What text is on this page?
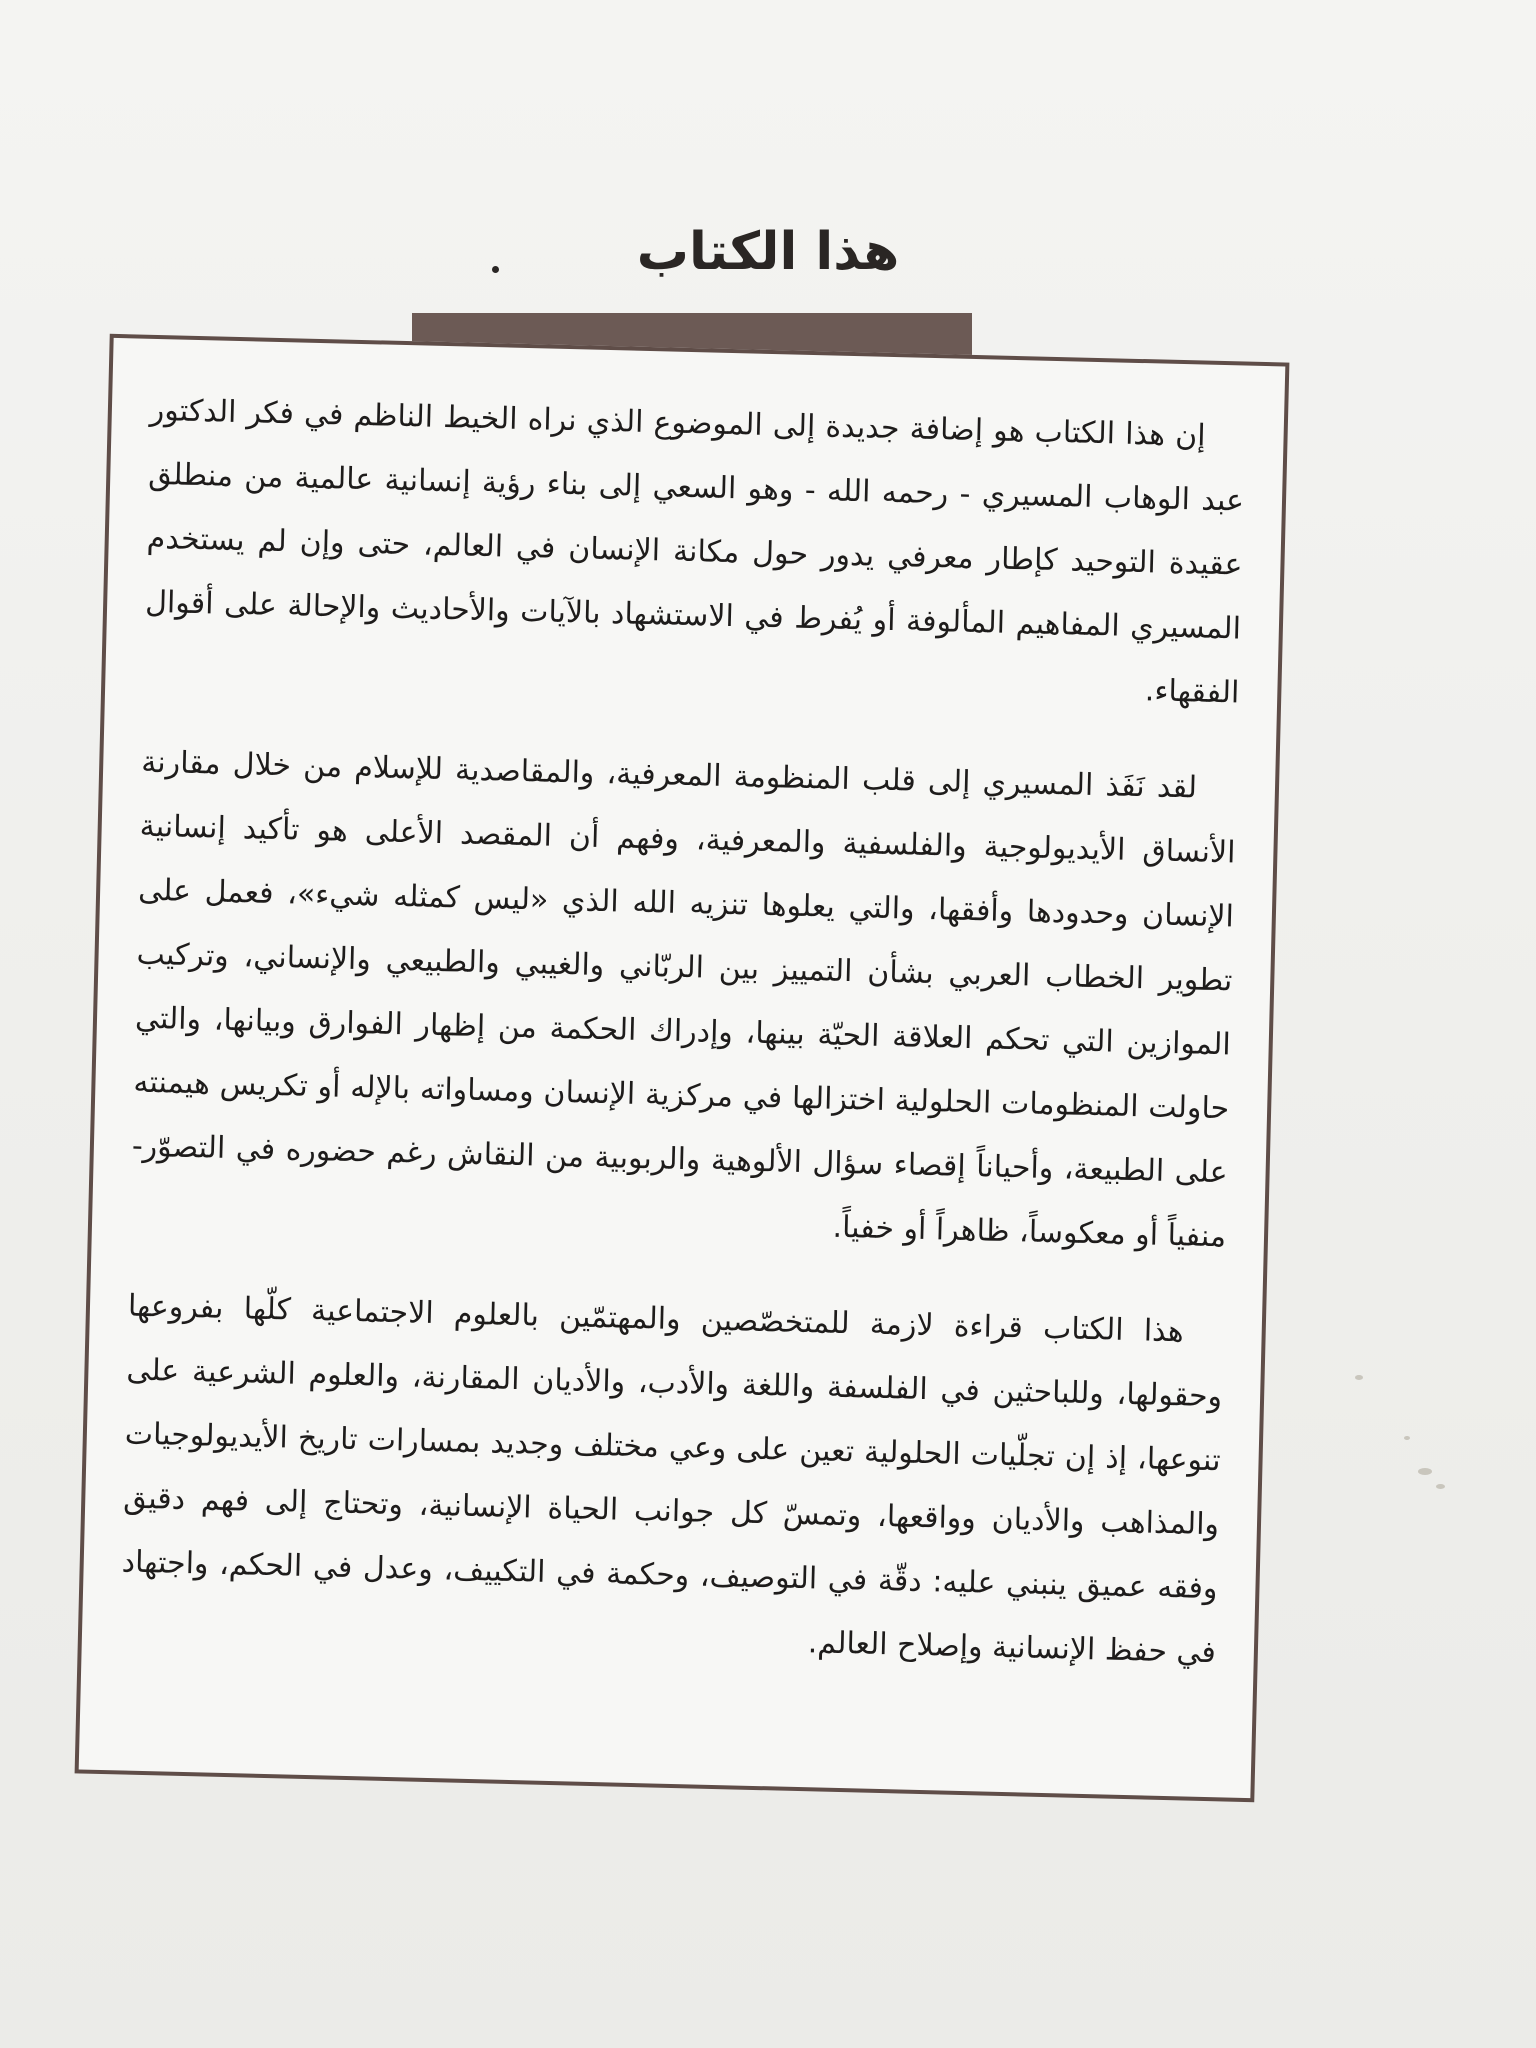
هذا الكتاب

إن هذا الكتاب هو إضافة جديدة إلى الموضوع الذي نراه الخيط الناظم في فكر الدكتور عبد الوهاب المسيري - رحمه الله - وهو السعي إلى بناء رؤية إنسانية عالمية من منطلق عقيدة التوحيد كإطار معرفي يدور حول مكانة الإنسان في العالم، حتى وإن لم يستخدم المسيري المفاهيم المألوفة أو يُفرط في الاستشهاد بالآيات والأحاديث والإحالة على أقوال الفقهاء.

لقد نَفَذ المسيري إلى قلب المنظومة المعرفية، والمقاصدية للإسلام من خلال مقارنة الأنساق الأيديولوجية والفلسفية والمعرفية، وفهم أن المقصد الأعلى هو تأكيد إنسانية الإنسان وحدودها وأفقها، والتي يعلوها تنزيه الله الذي «ليس كمثله شيء»، فعمل على تطوير الخطاب العربي بشأن التمييز بين الربّاني والغيبي والطبيعي والإنساني، وتركيب الموازين التي تحكم العلاقة الحيّة بينها، وإدراك الحكمة من إظهار الفوارق وبيانها، والتي حاولت المنظومات الحلولية اختزالها في مركزية الإنسان ومساواته بالإله أو تكريس هيمنته على الطبيعة، وأحياناً إقصاء سؤال الألوهية والربوبية من النقاش رغم حضوره في التصوّر- منفياً أو معكوساً، ظاهراً أو خفياً.

هذا الكتاب قراءة لازمة للمتخصّصين والمهتمّين بالعلوم الاجتماعية كلّها بفروعها وحقولها، وللباحثين في الفلسفة واللغة والأدب، والأديان المقارنة، والعلوم الشرعية على تنوعها، إذ إن تجلّيات الحلولية تعين على وعي مختلف وجديد بمسارات تاريخ الأيديولوجيات والمذاهب والأديان وواقعها، وتمسّ كل جوانب الحياة الإنسانية، وتحتاج إلى فهم دقيق وفقه عميق ينبني عليه: دقّة في التوصيف، وحكمة في التكييف، وعدل في الحكم، واجتهاد في حفظ الإنسانية وإصلاح العالم.
